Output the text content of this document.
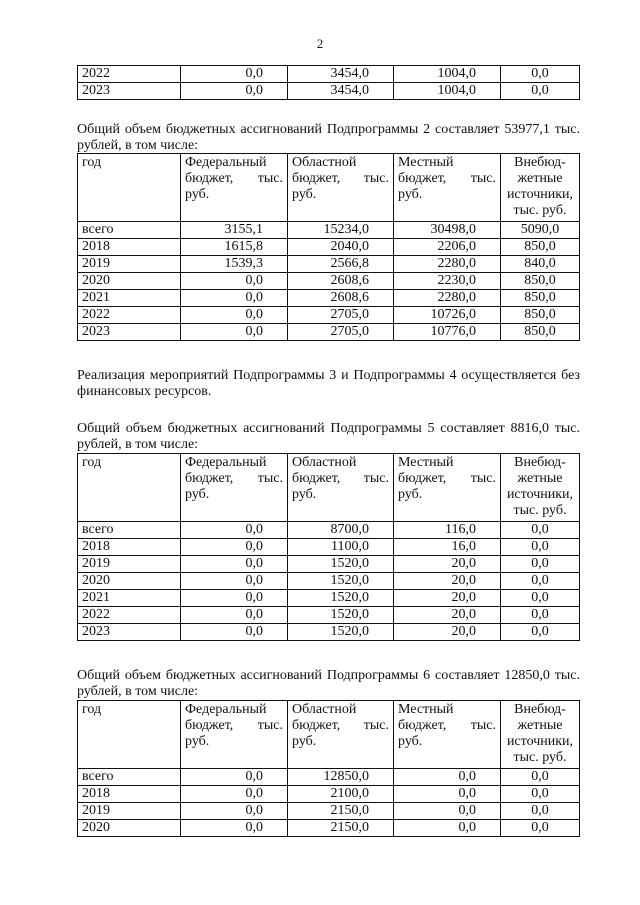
2
2022	0,0	3454,0	1004,0	0,0
2023	0,0	3454,0	1004,0	0,0
Общий объем бюджетных ассигнований Подпрограммы 2 составляет 53977,1 тыс. рублей, в том числе:
год	Федеральный бюджет, тыс. руб.	Областной бюджет, тыс. руб.	Местный бюджет, тыс. руб.	Внебюд-жетные источники, тыс. руб.
всего	3155,1	15234,0	30498,0	5090,0
2018	1615,8	2040,0	2206,0	850,0
2019	1539,3	2566,8	2280,0	840,0
2020	0,0	2608,6	2230,0	850,0
2021	0,0	2608,6	2280,0	850,0
2022	0,0	2705,0	10726,0	850,0
2023	0,0	2705,0	10776,0	850,0
Реализация мероприятий Подпрограммы 3 и Подпрограммы 4 осуществляется без финансовых ресурсов.
Общий объем бюджетных ассигнований Подпрограммы 5 составляет 8816,0 тыс. рублей, в том числе:
год	Федеральный бюджет, тыс. руб.	Областной бюджет, тыс. руб.	Местный бюджет, тыс. руб.	Внебюд-жетные источники, тыс. руб.
всего	0,0	8700,0	116,0	0,0
2018	0,0	1100,0	16,0	0,0
2019	0,0	1520,0	20,0	0,0
2020	0,0	1520,0	20,0	0,0
2021	0,0	1520,0	20,0	0,0
2022	0,0	1520,0	20,0	0,0
2023	0,0	1520,0	20,0	0,0
Общий объем бюджетных ассигнований Подпрограммы 6 составляет 12850,0 тыс. рублей, в том числе:
год	Федеральный бюджет, тыс. руб.	Областной бюджет, тыс. руб.	Местный бюджет, тыс. руб.	Внебюд-жетные источники, тыс. руб.
всего	0,0	12850,0	0,0	0,0
2018	0,0	2100,0	0,0	0,0
2019	0,0	2150,0	0,0	0,0
2020	0,0	2150,0	0,0	0,0
